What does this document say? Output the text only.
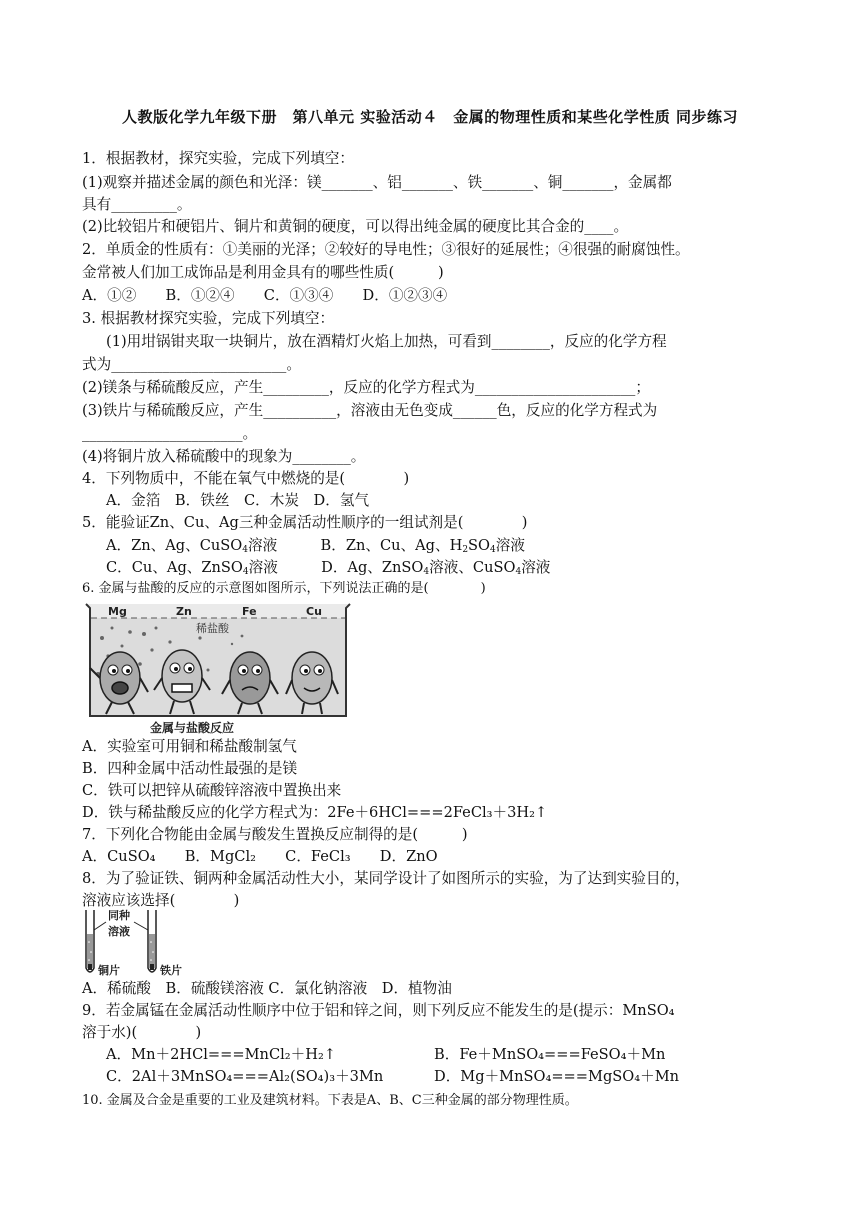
人教版化学九年级下册　第八单元 实验活动４　金属的物理性质和某些化学性质 同步练习
1．根据教材，探究实验，完成下列填空：
(1)观察并描述金属的颜色和光泽：镁_______、铝_______、铁_______、铜_______，金属都
具有_________。
(2)比较铝片和硬铝片、铜片和黄铜的硬度，可以得出纯金属的硬度比其合金的____。
2．单质金的性质有：①美丽的光泽；②较好的导电性；③很好的延展性；④很强的耐腐蚀性。
金常被人们加工成饰品是利用金具有的哪些性质(　　　)
A．①②　　B．①②④　　C．①③④　　D．①②③④
3. 根据教材探究实验，完成下列填空：
(1)用坩锅钳夹取一块铜片，放在酒精灯火焰上加热，可看到________，反应的化学方程
式为________________________。
(2)镁条与稀硫酸反应，产生_________，反应的化学方程式为______________________；
(3)铁片与稀硫酸反应，产生__________，溶液由无色变成______色，反应的化学方程式为
______________________。
(4)将铜片放入稀硫酸中的现象为________。
4．下列物质中，不能在氧气中燃烧的是(　　　　)
A．金箔　B．铁丝　C．木炭　D．氢气
5．能验证Zn、Cu、Ag三种金属活动性顺序的一组试剂是(　　　　)
A．Zn、Ag、CuSO$_4$溶液	B．Zn、Cu、Ag、$H_2SO_4$溶液
C．Cu、Ag、ZnSO$_4$溶液	D．Ag、ZnSO$_4$溶液、CuSO$_4$溶液
6. 金属与盐酸的反应的示意图如图所示，下列说法正确的是(　　　　)
Mg	Zn	Fe	Cu
稀盐酸
金属与盐酸反应
A．实验室可用铜和稀盐酸制氢气
B．四种金属中活动性最强的是镁
C．铁可以把锌从硫酸锌溶液中置换出来
D．铁与稀盐酸反应的化学方程式为：2Fe＋6HCl===2FeCl₃＋3H₂↑
7．下列化合物能由金属与酸发生置换反应制得的是(　　　)
A．CuSO₄　　B．MgCl₂　　C．FeCl₃　　D．ZnO
8．为了验证铁、铜两种金属活动性大小，某同学设计了如图所示的实验，为了达到实验目的，
溶液应该选择(　　　　)
同种溶液
铜片	铁片
A．稀硫酸　B．硫酸镁溶液 C．氯化钠溶液　D．植物油
9．若金属锰在金属活动性顺序中位于铝和锌之间，则下列反应不能发生的是(提示：MnSO₄
溶于水)(　　　　)
A．Mn＋2HCl===MnCl₂＋H₂↑	B．Fe＋MnSO₄===FeSO₄＋Mn
C．2Al＋3MnSO₄===Al₂(SO₄)₃＋3Mn	D．Mg＋MnSO₄===MgSO₄＋Mn
10. 金属及合金是重要的工业及建筑材料。下表是A、B、C三种金属的部分物理性质。
